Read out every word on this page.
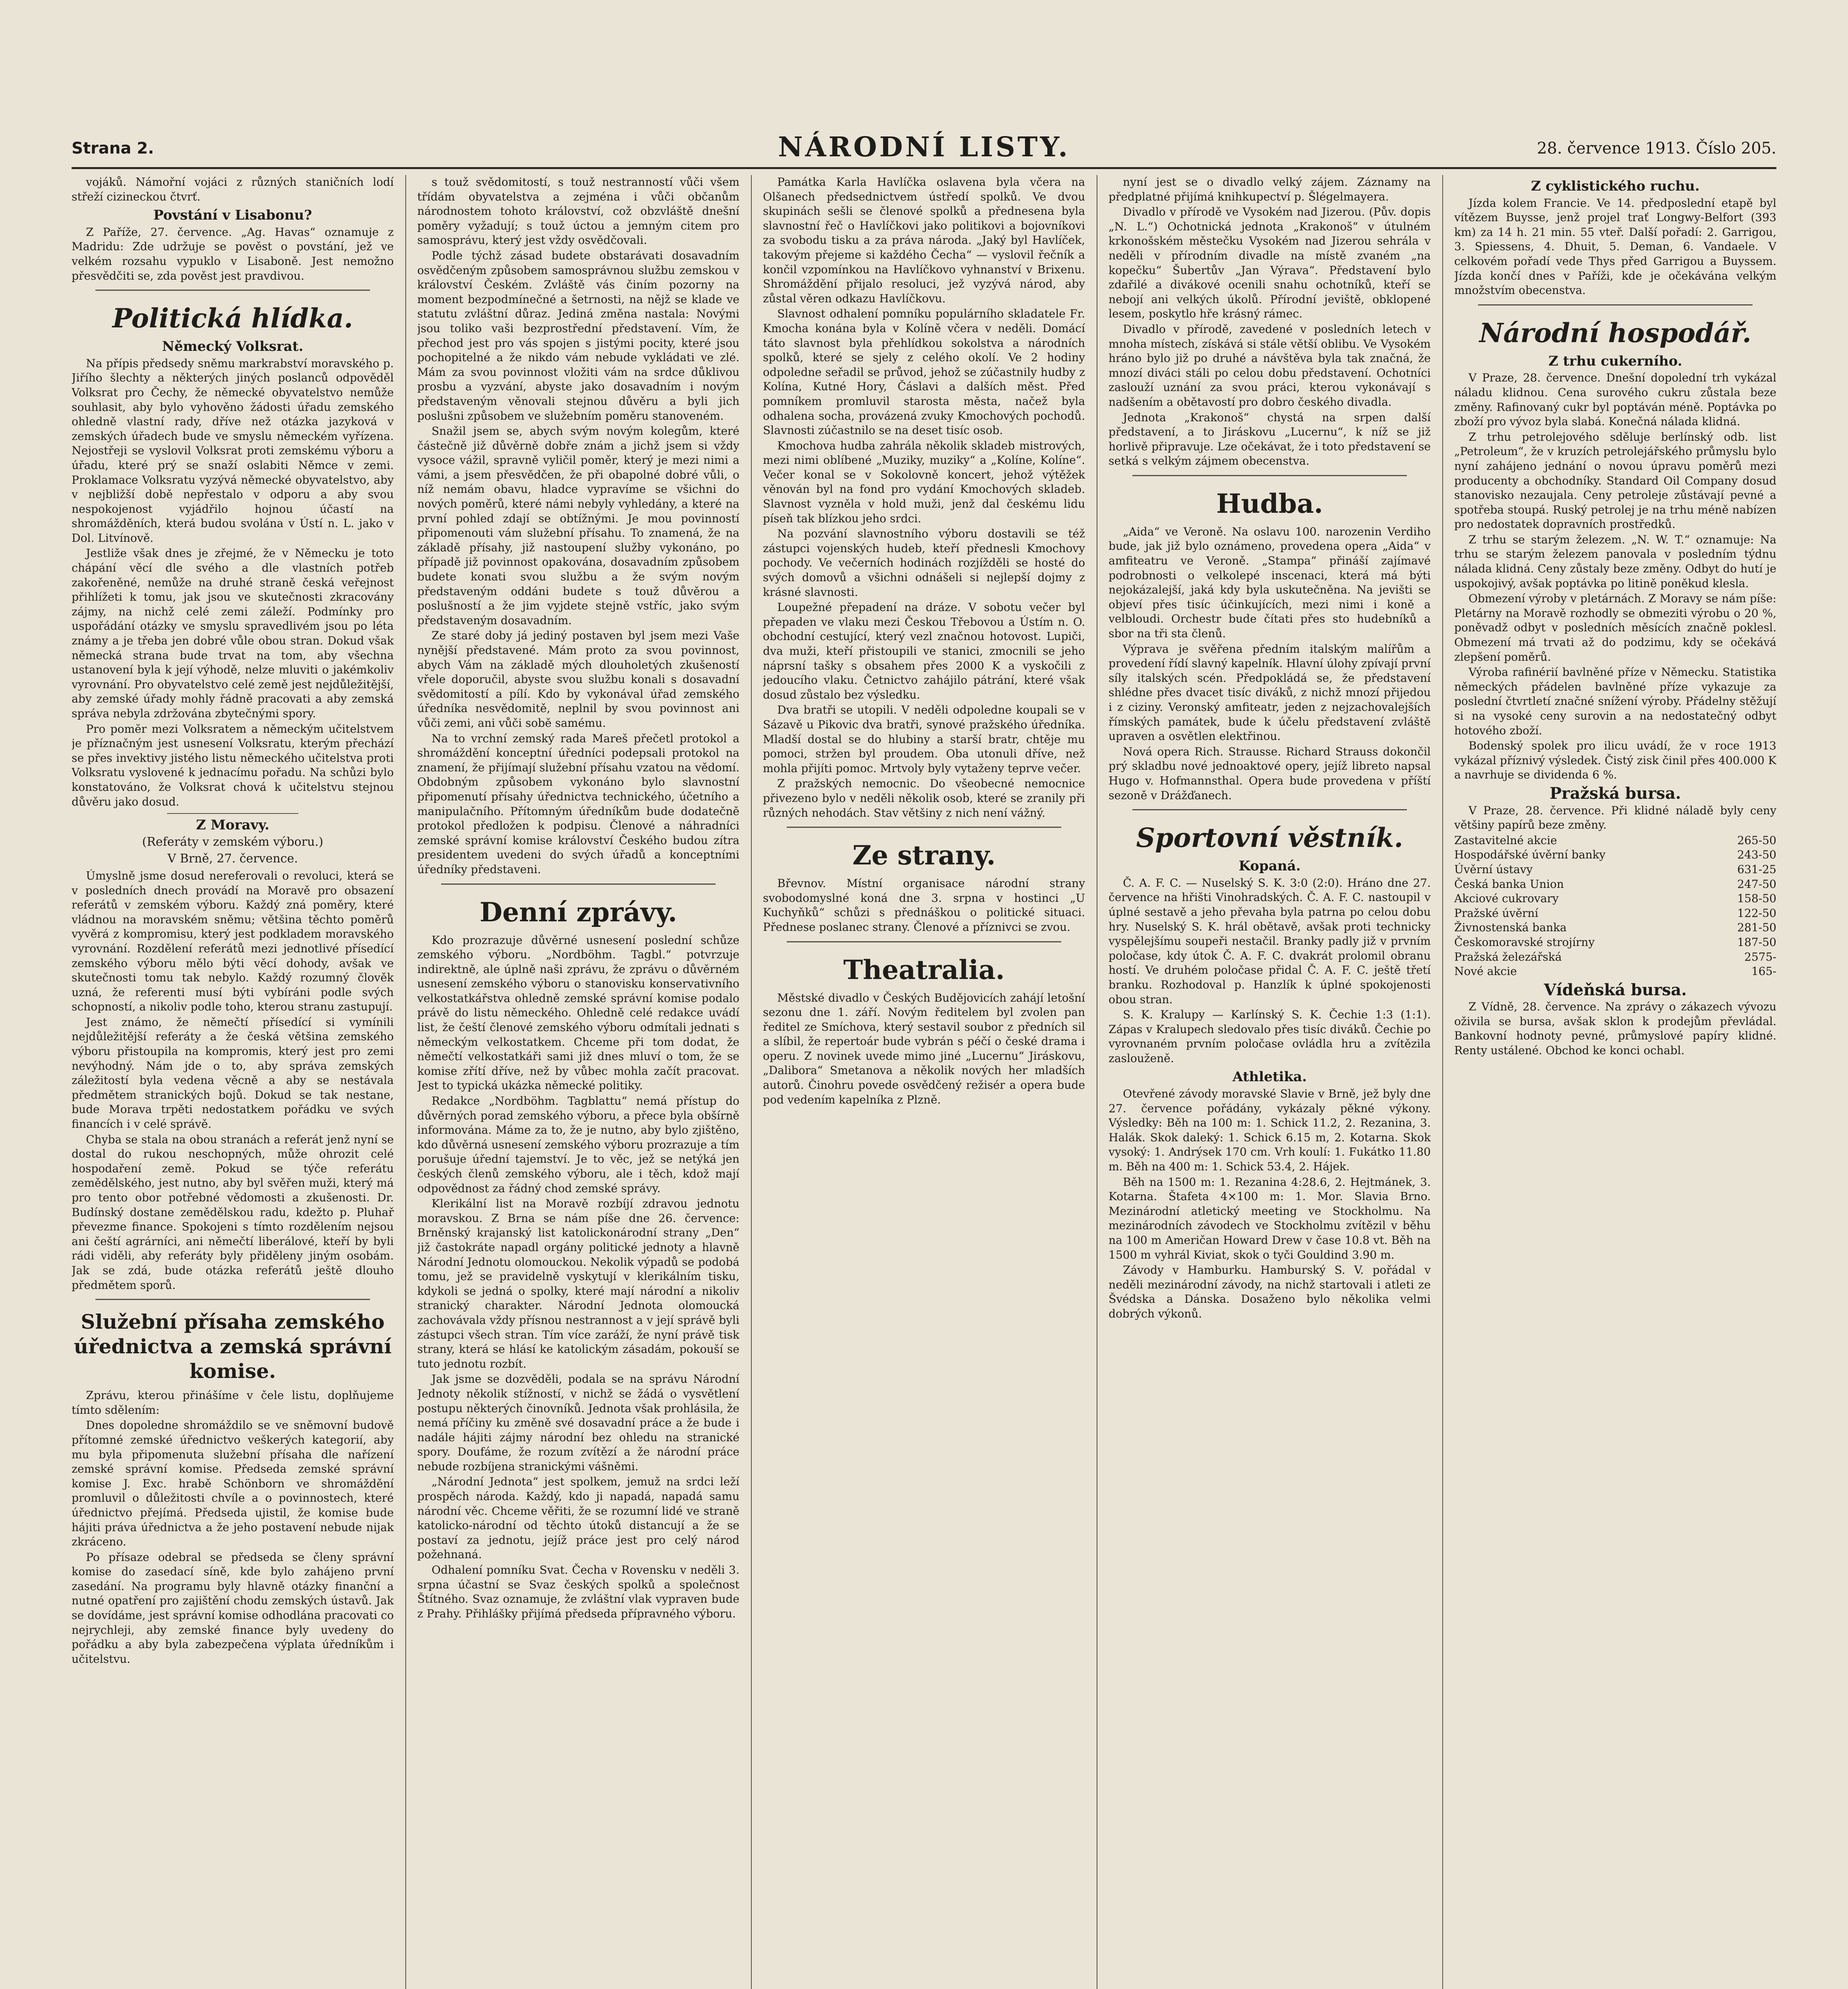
Strana 2.	NÁRODNÍ LISTY.	28. července 1913. Číslo 205.

vojáků. Námořní vojáci z různých staničních lodí střeží cizineckou čtvrť.

Povstání v Lisabonu?

Z Paříže, 27. července. „Ag. Havas“ oznamuje z Madridu: Zde udržuje se pověst o povstání, jež ve velkém rozsahu vypuklo v Lisaboně. Jest nemožno přesvědčiti se, zda pověst jest pravdivou.

Politická hlídka.
Německý Volksrat.

Na přípis předsedy sněmu markrabství moravského p. Jiřího šlechty a některých jiných poslanců odpověděl Volksrat pro Čechy, že německé obyvatelstvo nemůže souhlasit, aby bylo vyhověno žádosti úřadu zemského ohledně vlastní rady, dříve než otázka jazyková v zemských úřadech bude ve smyslu německém vyřízena. Nejostřeji se vyslovil Volksrat proti zemskému výboru a úřadu, které prý se snaží oslabiti Němce v zemi. Proklamace Volksratu vyzývá německé obyvatelstvo, aby v nejbližší době nepřestalo v odporu a aby svou nespokojenost vyjádřilo hojnou účastí na shromážděních, která budou svolána v Ústí n. L. jako v Dol. Litvínově.

Jestliže však dnes je zřejmé, že v Německu je toto chápání věcí dle svého a dle vlastních potřeb zakořeněné, nemůže na druhé straně česká veřejnost přihlížeti k tomu, jak jsou ve skutečnosti zkracovány zájmy, na nichž celé zemi záleží. Podmínky pro uspořádání otázky ve smyslu spravedlivém jsou po léta známy a je třeba jen dobré vůle obou stran. Dokud však německá strana bude trvat na tom, aby všechna ustanovení byla k její výhodě, nelze mluviti o jakémkoliv vyrovnání. Pro obyvatelstvo celé země jest nejdůležitější, aby zemské úřady mohly řádně pracovati a aby zemská správa nebyla zdržována zbytečnými spory.

Pro pomĕr mezi Volksratem a německým učitelstvem je příznačným jest usnesení Volksratu, kterým přechází se přes invektivy jistého listu německého učitelstva proti Volksratu vyslovené k jednacímu pořadu. Na schůzi bylo konstatováno, že Volksrat chová k učitelstvu stejnou důvěru jako dosud.

Z Moravy.
(Referáty v zemském výboru.)
V Brně, 27. července.

Úmyslně jsme dosud nereferovali o revoluci, která se v posledních dnech provádí na Moravě pro obsazení referátů v zemském výboru. Každý zná poměry, které vládnou na moravském sněmu; většina těchto poměrů vyvěrá z kompromisu, který jest podkladem moravského vyrovnání. Rozdělení referátů mezi jednotlivé přísedící zemského výboru mělo býti věcí dohody, avšak ve skutečnosti tomu tak nebylo. Každý rozumný člověk uzná, že referenti musí býti vybíráni podle svých schopností, a nikoliv podle toho, kterou stranu zastupují.

Jest známo, že němečtí přísedící si vymínili nejdůležitější referáty a že česká většina zemského výboru přistoupila na kompromis, který jest pro zemi nevýhodný. Nám jde o to, aby správa zemských záležitostí byla vedena věcně a aby se nestávala předmětem stranických bojů. Dokud se tak nestane, bude Morava trpěti nedostatkem pořádku ve svých financích i v celé správě.

Chyba se stala na obou stranách a referát jenž nyní se dostal do rukou neschopných, může ohrozit celé hospodaření země. Pokud se týče referátu zemědělského, jest nutno, aby byl svěřen muži, který má pro tento obor potřebné vědomosti a zkušenosti. Dr. Budínský dostane zemědělskou radu, kdežto p. Pluhař převezme finance. Spokojeni s tímto rozdělením nejsou ani čeští agrárníci, ani němečtí liberálové, kteří by byli rádi viděli, aby referáty byly přiděleny jiným osobám. Jak se zdá, bude otázka referátů ještě dlouho předmětem sporů.

Služební přísaha zemského úřednictva a zemská správní komise.

Zprávu, kterou přinášíme v čele listu, doplňujeme tímto sdělením:

Dnes dopoledne shromáždilo se ve sněmovní budově přítomné zemské úřednictvo veškerých kategorií, aby mu byla připomenuta služební přísaha dle nařízení zemské správní komise. Předseda zemské správní komise J. Exc. hrabě Schönborn ve shromáždění promluvil o důležitosti chvíle a o povinnostech, které úřednictvo přejímá. Předseda ujistil, že komise bude hájiti práva úřednictva a že jeho postavení nebude nijak zkráceno.

Po přísaze odebral se předseda se členy správní komise do zasedací síně, kde bylo zahájeno první zasedání. Na programu byly hlavně otázky finanční a nutné opatření pro zajištění chodu zemských ústavů. Jak se dovídáme, jest správní komise odhodlána pracovati co nejrychleji, aby zemské finance byly uvedeny do pořádku a aby byla zabezpečena výplata úředníkům i učitelstvu.

s touž svědomitostí, s touž nestranností vůči všem třídám obyvatelstva a zejména i vůči občanům národnostem tohoto království, což obzvláště dnešní poměry vyžadují; s touž úctou a jemným citem pro samosprávu, který jest vždy osvědčovali.

Podle týchž zásad budete obstarávati dosavadním osvědčeným způsobem samosprávnou službu zemskou v království Českém. Zvláště vás činím pozorny na moment bezpodmínečné a šetrnosti, na nějž se klade ve statutu zvláštní důraz. Jediná změna nastala: Novými jsou toliko vaši bezprostřední představení. Vím, že přechod jest pro vás spojen s jistými pocity, které jsou pochopitelné a že nikdo vám nebude vykládati ve zlé. Mám za svou povinnost vložiti vám na srdce důklivou prosbu a vyzvání, abyste jako dosavadním i novým představeným věnovali stejnou důvěru a byli jich poslušni způsobem ve služebním poměru stanoveném.

Snažil jsem se, abych svým novým kolegům, které částečně již důvěrně dobře znám a jichž jsem si vždy vysoce vážil, spravně vyličil poměr, který je mezi nimi a vámi, a jsem přesvědčen, že při obapolné dobré vůli, o níž nemám obavu, hladce vypravíme se všichni do nových poměrů, které námi nebyly vyhledány, a které na první pohled zdají se obtížnými. Je mou povinností připomenouti vám služební přísahu. To znamená, že na základě přísahy, již nastoupení služby vykonáno, po případě již povinnost opakována, dosavadním způsobem budete konati svou službu a že svým novým představeným oddáni budete s touž důvěrou a poslušností a že jim vyjdete stejně vstříc, jako svým představeným dosavadním.

Ze staré doby já jediný postaven byl jsem mezi Vaše nynější představené. Mám proto za svou povinnost, abych Vám na základě mých dlouholetých zkušeností vřele doporučil, abyste svou službu konali s dosavadní svědomitostí a pílí. Kdo by vykonával úřad zemského úředníka nesvědomitě, neplnil by svou povinnost ani vůči zemi, ani vůči sobě samému.

Na to vrchní zemský rada Mareš přečetl protokol a shromáždění konceptní úředníci podepsali protokol na znamení, že přijímají služební přísahu vzatou na vědomí. Obdobným způsobem vykonáno bylo slavnostní připomenutí přísahy úřednictva technického, účetního a manipulačního. Přítomným úředníkům bude dodatečně protokol předložen k podpisu. Členové a náhradníci zemské správní komise království Českého budou zítra presidentem uvedeni do svých úřadů a konceptními úředníky představeni.

Denní zprávy.

Kdo prozrazuje důvěrné usnesení poslední schůze zemského výboru. „Nordböhm. Tagbl.“ potvrzuje indirektně, ale úplně naši zprávu, že zprávu o důvěrném usnesení zemského výboru o stanovisku konservativního velkostatkářstva ohledně zemské správní komise podalo právě do listu německého. Ohledně celé redakce uvádí list, že čeští členové zemského výboru odmítali jednati s německým velkostatkem. Chceme při tom dodat, že němečtí velkostatkáři sami již dnes mluví o tom, že se komise zřítí dříve, než by vůbec mohla začít pracovat. Jest to typická ukázka německé politiky.

Redakce „Nordböhm. Tagblattu“ nemá přístup do důvěrných porad zemského výboru, a přece byla obšírně informována. Máme za to, že je nutno, aby bylo zjištěno, kdo důvěrná usnesení zemského výboru prozrazuje a tím porušuje úřední tajemství. Je to věc, jež se netýká jen českých členů zemského výboru, ale i těch, kdož mají odpovědnost za řádný chod zemské správy.

Klerikální list na Moravě rozbíjí zdravou jednotu moravskou. Z Brna se nám píše dne 26. července: Brněnský krajanský list katolickonárodní strany „Den“ již častokráte napadl orgány politické jednoty a hlavně Národní Jednotu olomouckou. Nekolik výpadů se podobá tomu, jež se pravidelně vyskytují v klerikálním tisku, kdykoli se jedná o spolky, které mají národní a nikoliv stranický charakter. Národní Jednota olomoucká zachovávala vždy přísnou nestrannost a v její správě byli zástupci všech stran. Tím více zaráží, že nyní právě tisk strany, která se hlásí ke katolickým zásadám, pokouší se tuto jednotu rozbít.

Jak jsme se dozvěděli, podala se na správu Národní Jednoty několik stížností, v nichž se žádá o vysvětlení postupu některých činovníků. Jednota však prohlásila, že nemá příčiny ku změně své dosavadní práce a že bude i nadále hájiti zájmy národní bez ohledu na stranické spory. Doufáme, že rozum zvítězí a že národní práce nebude rozbíjena stranickými vášněmi.

„Národní Jednota“ jest spolkem, jemuž na srdci leží prospěch národa. Každý, kdo ji napadá, napadá samu národní věc. Chceme věřiti, že se rozumní lidé ve straně katolicko-národní od těchto útoků distancují a že se postaví za jednotu, jejíž práce jest pro celý národ požehnaná.

Odhalení pomníku Svat. Čecha v Rovensku v neděli 3. srpna účastní se Svaz českých spolků a společnost Štítného. Svaz oznamuje, že zvláštní vlak vypraven bude z Prahy. Přihlášky přijímá předseda přípravného výboru.

Památka Karla Havlíčka oslavena byla včera na Olšanech předsednictvem ústředí spolků. Ve dvou skupinách sešli se členové spolků a přednesena byla slavnostní řeč o Havlíčkovi jako politikovi a bojovníkovi za svobodu tisku a za práva národa. „Jaký byl Havlíček, takovým přejeme si každého Čecha“ — vyslovil řečník a končil vzpomínkou na Havlíčkovo vyhnanství v Brixenu. Shromáždění přijalo resoluci, jež vyzývá národ, aby zůstal věren odkazu Havlíčkovu.

Slavnost odhalení pomníku populárního skladatele Fr. Kmocha konána byla v Kolíně včera v neděli. Domácí táto slavnost byla přehlídkou sokolstva a národních spolků, které se sjely z celého okolí. Ve 2 hodiny odpoledne seřadil se průvod, jehož se zúčastnily hudby z Kolína, Kutné Hory, Čáslavi a dalších měst. Před pomníkem promluvil starosta města, načež byla odhalena socha, provázená zvuky Kmochových pochodů. Slavnosti zúčastnilo se na deset tisíc osob.

Kmochova hudba zahrála několik skladeb mistrových, mezi nimi oblíbené „Muziky, muziky“ a „Kolíne, Kolíne“. Večer konal se v Sokolovně koncert, jehož výtěžek věnován byl na fond pro vydání Kmochových skladeb. Slavnost vyzněla v hold muži, jenž dal českému lidu píseň tak blízkou jeho srdci.

Na pozvání slavnostního výboru dostavili se též zástupci vojenských hudeb, kteří přednesli Kmochovy pochody. Ve večerních hodinách rozjížděli se hosté do svých domovů a všichni odnášeli si nejlepší dojmy z krásné slavnosti.

Loupežné přepadení na dráze. V sobotu večer byl přepaden ve vlaku mezi Českou Třebovou a Ústím n. O. obchodní cestující, který vezl značnou hotovost. Lupiči, dva muži, kteří přistoupili ve stanici, zmocnili se jeho náprsní tašky s obsahem přes 2000 K a vyskočili z jedoucího vlaku. Četnictvo zahájilo pátrání, které však dosud zůstalo bez výsledku.

Dva bratři se utopili. V neděli odpoledne koupali se v Sázavě u Pikovic dva bratři, synové pražského úředníka. Mladší dostal se do hlubiny a starší bratr, chtěje mu pomoci, stržen byl proudem. Oba utonuli dříve, než mohla přijíti pomoc. Mrtvoly byly vytaženy teprve večer.

Z pražských nemocnic. Do všeobecné nemocnice přivezeno bylo v neděli několik osob, které se zranily při různých nehodách. Stav většiny z nich není vážný.

Ze strany.

Břevnov. Místní organisace národní strany svobodomyslné koná dne 3. srpna v hostinci „U Kuchyňků“ schůzi s přednáškou o politické situaci. Přednese poslanec strany. Členové a příznivci se zvou.

Theatralia.

Městské divadlo v Českých Budějovicích zahájí letošní sezonu dne 1. září. Novým ředitelem byl zvolen pan ředitel ze Smíchova, který sestavil soubor z předních sil a slíbil, že repertoár bude vybrán s péčí o české drama i operu. Z novinek uvede mimo jiné „Lucernu“ Jiráskovu, „Dalibora“ Smetanova a několik nových her mladších autorů. Činohru povede osvědčený režisér a opera bude pod vedením kapelníka z Plzně.

nyní jest se o divadlo velký zájem. Záznamy na předplatné přijímá knihkupectví p. Šlégelmayera.

Divadlo v přírodě ve Vysokém nad Jizerou. (Pův. dopis „N. L.“) Ochotnická jednota „Krakonoš“ v útulném krkonošském městečku Vysokém nad Jizerou sehrála v neděli v přírodním divadle na místě zvaném „na kopečku“ Šubertův „Jan Výrava“. Představení bylo zdařilé a divákové ocenili snahu ochotníků, kteří se nebojí ani velkých úkolů. Přírodní jeviště, obklopené lesem, poskytlo hře krásný rámec.

Divadlo v přírodě, zavedené v posledních letech v mnoha místech, získává si stále větší oblibu. Ve Vysokém hráno bylo již po druhé a návštěva byla tak značná, že mnozí diváci stáli po celou dobu představení. Ochotníci zaslouží uznání za svou práci, kterou vykonávají s nadšením a obětavostí pro dobro českého divadla.

Jednota „Krakonoš“ chystá na srpen další představení, a to Jiráskovu „Lucernu“, k níž se již horlivě připravuje. Lze očekávat, že i toto představení se setká s velkým zájmem obecenstva.

Hudba.

„Aida“ ve Veroně. Na oslavu 100. narozenin Verdiho bude, jak již bylo oznámeno, provedena opera „Aida“ v amfiteatru ve Veroně. „Stampa“ přináší zajímavé podrobnosti o velkolepé inscenaci, která má býti nejokázalejší, jaká kdy byla uskutečněna. Na jevišti se objeví přes tisíc účinkujících, mezi nimi i koně a velbloudi. Orchestr bude čítati přes sto hudebníků a sbor na tři sta členů.

Výprava je svěřena předním italským malířům a provedení řídí slavný kapelník. Hlavní úlohy zpívají první síly italských scén. Předpokládá se, že představení shlédne přes dvacet tisíc diváků, z nichž mnozí přijedou i z ciziny. Veronský amfiteatr, jeden z nejzachovalejších římských památek, bude k účelu představení zvláště upraven a osvětlen elektřinou.

Nová opera Rich. Strausse. Richard Strauss dokončil prý skladbu nové jednoaktové opery, jejíž libreto napsal Hugo v. Hofmannsthal. Opera bude provedena v příští sezoně v Drážďanech.

Sportovní věstník.
Kopaná.

Č. A. F. C. — Nuselský S. K. 3:0 (2:0). Hráno dne 27. července na hřišti Vinohradských. Č. A. F. C. nastoupil v úplné sestavě a jeho převaha byla patrna po celou dobu hry. Nuselský S. K. hrál obětavě, avšak proti technicky vyspělejšímu soupeři nestačil. Branky padly již v prvním poločase, kdy útok Č. A. F. C. dvakrát prolomil obranu hostí. Ve druhém poločase přidal Č. A. F. C. ještě třetí branku. Rozhodoval p. Hanzlík k úplné spokojenosti obou stran.

S. K. Kralupy — Karlínský S. K. Čechie 1:3 (1:1). Zápas v Kralupech sledovalo přes tisíc diváků. Čechie po vyrovnaném prvním poločase ovládla hru a zvítězila zaslouženě.

Athletika.

Otevřené závody moravské Slavie v Brně, jež byly dne 27. července pořádány, vykázaly pěkné výkony. Výsledky: Běh na 100 m: 1. Schick 11.2, 2. Rezanina, 3. Halák. Skok daleký: 1. Schick 6.15 m, 2. Kotarna. Skok vysoký: 1. Andrýsek 170 cm. Vrh koulí: 1. Fukátko 11.80 m. Běh na 400 m: 1. Schick 53.4, 2. Hájek.

Běh na 1500 m: 1. Rezanina 4:28.6, 2. Hejtmánek, 3. Kotarna. Štafeta 4×100 m: 1. Mor. Slavia Brno. Mezinárodní atletický meeting ve Stockholmu. Na mezinárodních závodech ve Stockholmu zvítězil v běhu na 100 m Američan Howard Drew v čase 10.8 vt. Běh na 1500 m vyhrál Kiviat, skok o tyči Gouldind 3.90 m.

Závody v Hamburku. Hamburský S. V. pořádal v neděli mezinárodní závody, na nichž startovali i atleti ze Švédska a Dánska. Dosaženo bylo několika velmi dobrých výkonů.

Z cyklistického ruchu.

Jízda kolem Francie. Ve 14. předposlední etapě byl vítězem Buysse, jenž projel trať Longwy-Belfort (393 km) za 14 h. 21 min. 55 vteř. Další pořadí: 2. Garrigou, 3. Spiessens, 4. Dhuit, 5. Deman, 6. Vandaele. V celkovém pořadí vede Thys před Garrigou a Buyssem. Jízda končí dnes v Paříži, kde je očekávána velkým množstvím obecenstva.

Národní hospodář.
Z trhu cukerního.

V Praze, 28. července. Dnešní dopolední trh vykázal náladu klidnou. Cena surového cukru zůstala beze změny. Rafinovaný cukr byl poptáván méně. Poptávka po zboží pro vývoz byla slabá. Konečná nálada klidná.

Z trhu petrolejového sděluje berlínský odb. list „Petroleum“, že v kruzích petrolejářského průmyslu bylo nyní zahájeno jednání o novou úpravu poměrů mezi producenty a obchodníky. Standard Oil Company dosud stanovisko nezaujala. Ceny petroleje zůstávají pevné a spotřeba stoupá. Ruský petrolej je na trhu méně nabízen pro nedostatek dopravních prostředků.

Z trhu se starým železem. „N. W. T.“ oznamuje: Na trhu se starým železem panovala v posledním týdnu nálada klidná. Ceny zůstaly beze změny. Odbyt do hutí je uspokojivý, avšak poptávka po litině poněkud klesla.

Obmezení výroby v pletárnách. Z Moravy se nám píše: Pletárny na Moravě rozhodly se obmeziti výrobu o 20 %, poněvadž odbyt v posledních měsících značně poklesl. Obmezení má trvati až do podzimu, kdy se očekává zlepšení poměrů.

Výroba rafinérií bavlněné příze v Německu. Statistika německých přádelen bavlněné příze vykazuje za poslední čtvrtletí značné snížení výroby. Přádelny stěžují si na vysoké ceny surovin a na nedostatečný odbyt hotového zboží.

Bodenský spolek pro ilicu uvádí, že v roce 1913 vykázal příznivý výsledek. Čistý zisk činil přes 400.000 K a navrhuje se dividenda 6 %.

Pražská bursa.

V Praze, 28. července. Při klidné náladě byly ceny většiny papírů beze změny.

Zastavitelné akcie	265-50
Hospodářské úvěrní banky	243-50
Úvěrní ústavy	631-25
Česká banka Union	247-50
Akciové cukrovary	158-50
Pražské úvěrní	122-50
Živnostenská banka	281-50
Českomoravské strojírny	187-50
Pražská železářská	2575-
Nové akcie	165-
Vídeňská bursa.

Z Vídně, 28. července. Na zprávy o zákazech vývozu oživila se bursa, avšak sklon k prodejům převládal. Bankovní hodnoty pevné, průmyslové papíry klidné. Renty ustálené. Obchod ke konci ochabl.
